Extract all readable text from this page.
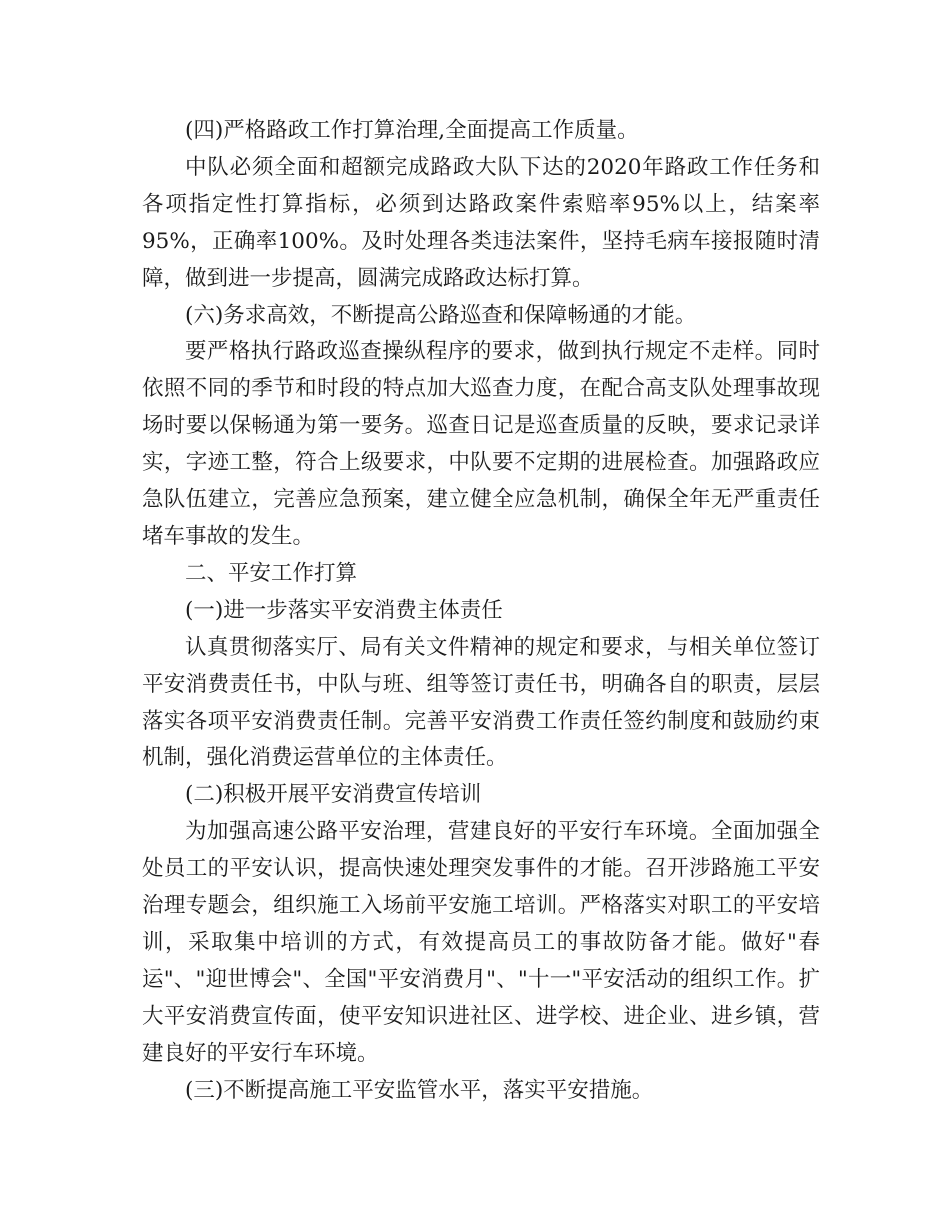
(四)严格路政工作打算治理,全面提高工作质量。

中队必须全面和超额完成路政大队下达的2020年路政工作任务和各项指定性打算指标，必须到达路政案件索赔率95%以上，结案率95%，正确率100%。及时处理各类违法案件，坚持毛病车接报随时清障，做到进一步提高，圆满完成路政达标打算。

(六)务求高效，不断提高公路巡查和保障畅通的才能。

要严格执行路政巡查操纵程序的要求，做到执行规定不走样。同时依照不同的季节和时段的特点加大巡查力度，在配合高支队处理事故现场时要以保畅通为第一要务。巡查日记是巡查质量的反映，要求记录详实，字迹工整，符合上级要求，中队要不定期的进展检查。加强路政应急队伍建立，完善应急预案，建立健全应急机制，确保全年无严重责任堵车事故的发生。

二、平安工作打算

(一)进一步落实平安消费主体责任

认真贯彻落实厅、局有关文件精神的规定和要求，与相关单位签订平安消费责任书，中队与班、组等签订责任书，明确各自的职责，层层落实各项平安消费责任制。完善平安消费工作责任签约制度和鼓励约束机制，强化消费运营单位的主体责任。

(二)积极开展平安消费宣传培训

为加强高速公路平安治理，营建良好的平安行车环境。全面加强全处员工的平安认识，提高快速处理突发事件的才能。召开涉路施工平安治理专题会，组织施工入场前平安施工培训。严格落实对职工的平安培训，采取集中培训的方式，有效提高员工的事故防备才能。做好"春运"、"迎世博会"、全国"平安消费月"、"十一"平安活动的组织工作。扩大平安消费宣传面，使平安知识进社区、进学校、进企业、进乡镇，营建良好的平安行车环境。

(三)不断提高施工平安监管水平，落实平安措施。
